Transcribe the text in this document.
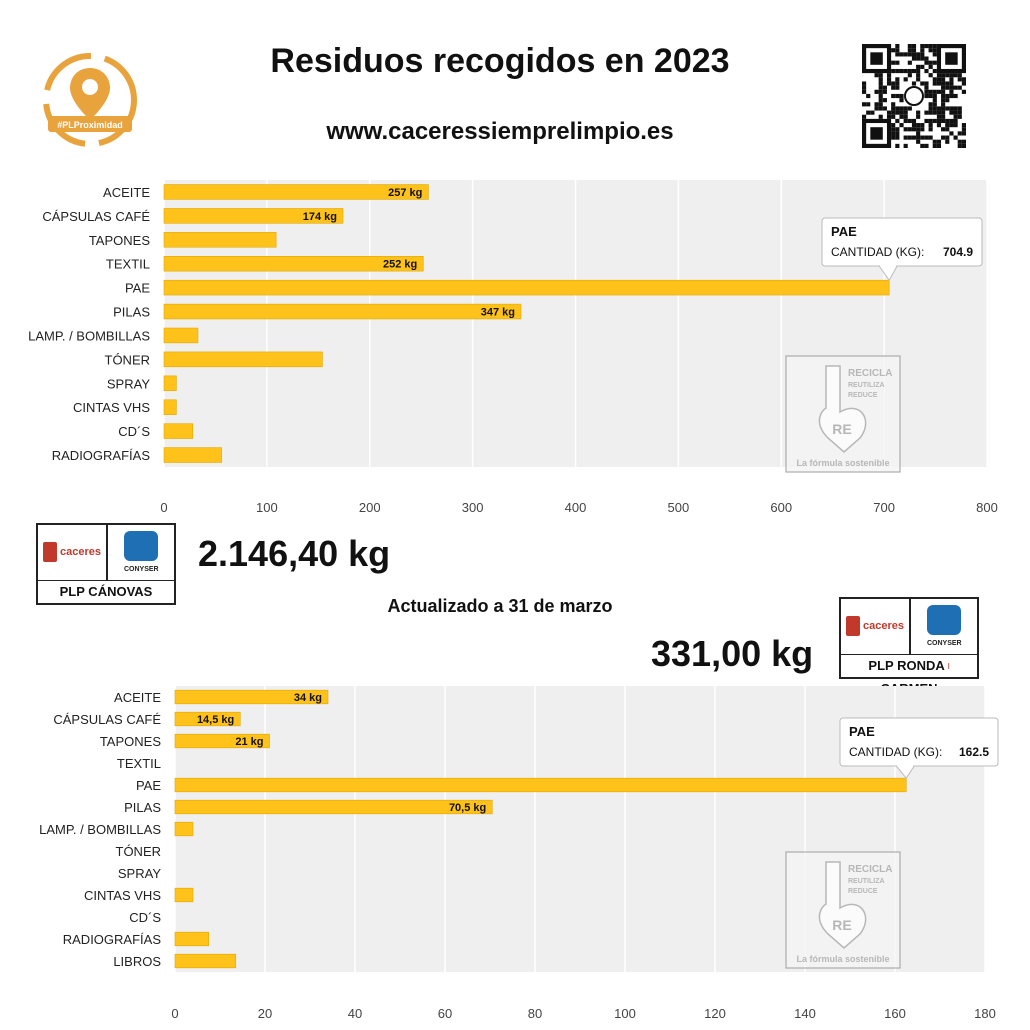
#PLProximidad
Residuos recogidos en 2023
www.caceressiemprelimpio.es
0	100	200	300	400	500	600	700	800
RE
RECICLA
REUTILIZA
REDUCE
La fórmula sostenible
ACEITE	257 kg
CÁPSULAS CAFÉ	174 kg
TAPONES
TEXTIL	252 kg
PAE
PILAS	347 kg
LAMP. / BOMBILLAS
TÓNER
SPRAY
CINTAS VHS
CD´S
RADIOGRAFÍAS
PAE
CANTIDAD (KG): 704.9
caceres
CONYSER
PLP CÁNOVAS
2.146,40 kg
Actualizado a 31 de marzo
caceres
CONYSER
PLP RONDA |
331,00 kg
0	20	40	60	80	100	120	140	160	180
RE
RECICLA
REUTILIZA
REDUCE
La fórmula sostenible
ACEITE	34 kg
CÁPSULAS CAFÉ	14,5 kg
TAPONES	21 kg
TEXTIL
PAE
PILAS	70,5 kg
LAMP. / BOMBILLAS
TÓNER
SPRAY
CINTAS VHS
CD´S
RADIOGRAFÍAS
LIBROS
PAE
CANTIDAD (KG): 162.5
